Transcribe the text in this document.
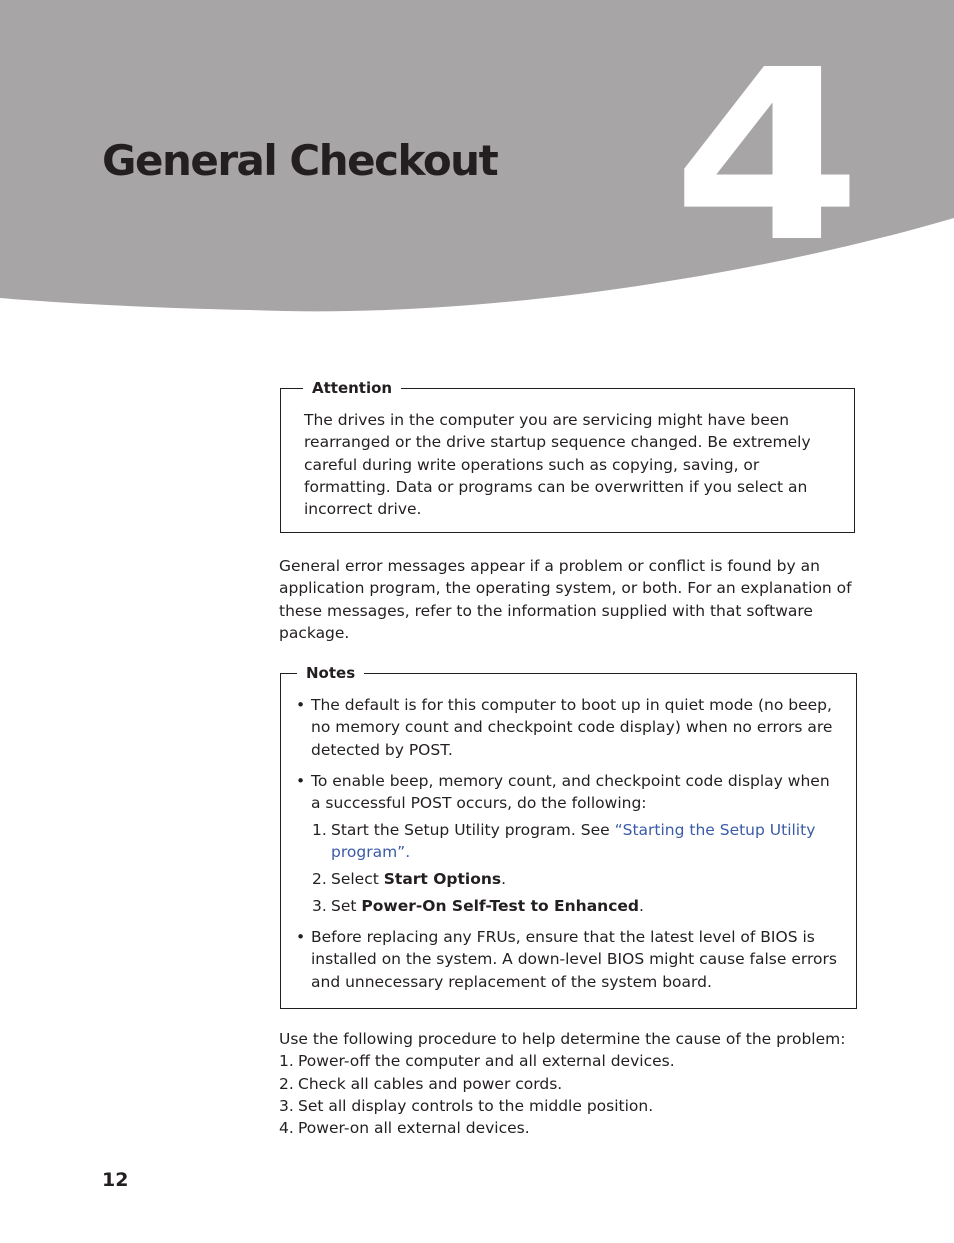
4
General Checkout
Attention

The drives in the computer you are servicing might have been rearranged or the drive startup sequence changed. Be extremely careful during write operations such as copying, saving, or formatting. Data or programs can be overwritten if you select an incorrect drive.

General error messages appear if a problem or conflict is found by an application program, the operating system, or both. For an explanation of these messages, refer to the information supplied with that software package.

Notes
• The default is for this computer to boot up in quiet mode (no beep, no memory count and checkpoint code display) when no errors are detected by POST.
• To enable beep, memory count, and checkpoint code display when a successful POST occurs, do the following:
1. Start the Setup Utility program. See “Starting the Setup Utility program”.
2. Select Start Options.
3. Set Power-On Self-Test to Enhanced.
• Before replacing any FRUs, ensure that the latest level of BIOS is installed on the system. A down-level BIOS might cause false errors and unnecessary replacement of the system board.
Use the following procedure to help determine the cause of the problem:
1. Power-off the computer and all external devices.
2. Check all cables and power cords.
3. Set all display controls to the middle position.
4. Power-on all external devices.
12
